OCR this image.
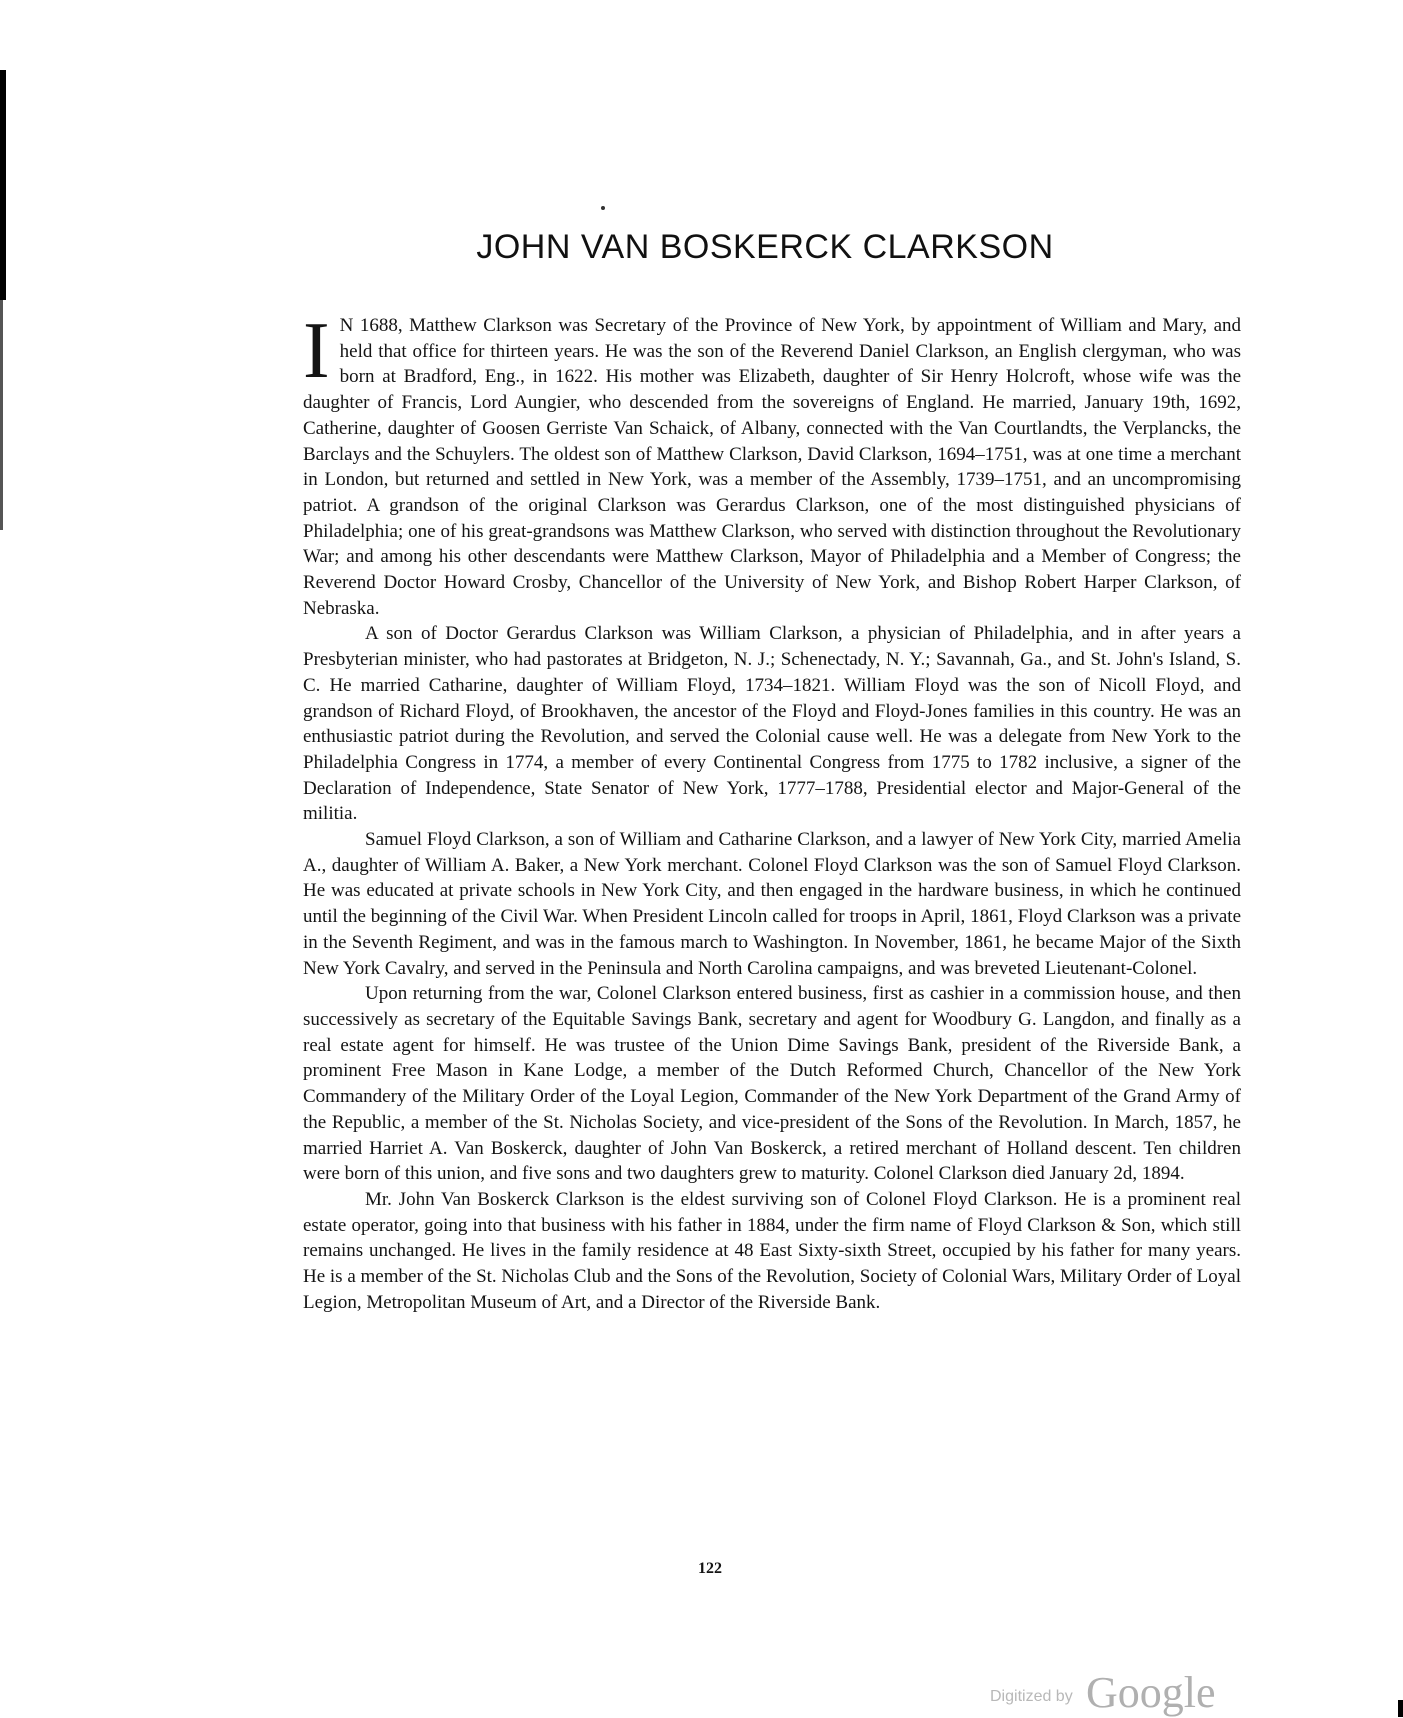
JOHN VAN BOSKERCK CLARKSON

I N 1688, Matthew Clarkson was Secretary of the Province of New York, by appointment of William and Mary, and held that office for thirteen years. He was the son of the Reverend Daniel Clarkson, an English clergyman, who was born at Bradford, Eng., in 1622. His mother was Elizabeth, daughter of Sir Henry Holcroft, whose wife was the daughter of Francis, Lord Aungier, who descended from the sovereigns of England. He married, January 19th, 1692, Catherine, daughter of Goosen Gerriste Van Schaick, of Albany, connected with the Van Courtlandts, the Verplancks, the Barclays and the Schuylers. The oldest son of Matthew Clarkson, David Clarkson, 1694–1751, was at one time a merchant in London, but returned and settled in New York, was a member of the Assembly, 1739–1751, and an uncompromising patriot. A grandson of the original Clarkson was Gerardus Clarkson, one of the most distinguished physicians of Philadelphia; one of his great-grandsons was Matthew Clarkson, who served with distinction throughout the Revolutionary War; and among his other descendants were Matthew Clarkson, Mayor of Philadelphia and a Member of Congress; the Reverend Doctor Howard Crosby, Chancellor of the University of New York, and Bishop Robert Harper Clarkson, of Nebraska.

A son of Doctor Gerardus Clarkson was William Clarkson, a physician of Philadelphia, and in after years a Presbyterian minister, who had pastorates at Bridgeton, N. J.; Schenectady, N. Y.; Savannah, Ga., and St. John's Island, S. C. He married Catharine, daughter of William Floyd, 1734–1821. William Floyd was the son of Nicoll Floyd, and grandson of Richard Floyd, of Brookhaven, the ancestor of the Floyd and Floyd-Jones families in this country. He was an enthusiastic patriot during the Revolution, and served the Colonial cause well. He was a delegate from New York to the Philadelphia Congress in 1774, a member of every Continental Congress from 1775 to 1782 inclusive, a signer of the Declaration of Independence, State Senator of New York, 1777–1788, Presidential elector and Major-General of the militia.

Samuel Floyd Clarkson, a son of William and Catharine Clarkson, and a lawyer of New York City, married Amelia A., daughter of William A. Baker, a New York merchant. Colonel Floyd Clarkson was the son of Samuel Floyd Clarkson. He was educated at private schools in New York City, and then engaged in the hardware business, in which he continued until the beginning of the Civil War. When President Lincoln called for troops in April, 1861, Floyd Clarkson was a private in the Seventh Regiment, and was in the famous march to Washington. In November, 1861, he became Major of the Sixth New York Cavalry, and served in the Peninsula and North Carolina campaigns, and was breveted Lieutenant-Colonel.

Upon returning from the war, Colonel Clarkson entered business, first as cashier in a commission house, and then successively as secretary of the Equitable Savings Bank, secretary and agent for Woodbury G. Langdon, and finally as a real estate agent for himself. He was trustee of the Union Dime Savings Bank, president of the Riverside Bank, a prominent Free Mason in Kane Lodge, a member of the Dutch Reformed Church, Chancellor of the New York Commandery of the Military Order of the Loyal Legion, Commander of the New York Department of the Grand Army of the Republic, a member of the St. Nicholas Society, and vice-president of the Sons of the Revolution. In March, 1857, he married Harriet A. Van Boskerck, daughter of John Van Boskerck, a retired merchant of Holland descent. Ten children were born of this union, and five sons and two daughters grew to maturity. Colonel Clarkson died January 2d, 1894.

Mr. John Van Boskerck Clarkson is the eldest surviving son of Colonel Floyd Clarkson. He is a prominent real estate operator, going into that business with his father in 1884, under the firm name of Floyd Clarkson & Son, which still remains unchanged. He lives in the family residence at 48 East Sixty-sixth Street, occupied by his father for many years. He is a member of the St. Nicholas Club and the Sons of the Revolution, Society of Colonial Wars, Military Order of Loyal Legion, Metropolitan Museum of Art, and a Director of the Riverside Bank.

122
Digitized by Google
